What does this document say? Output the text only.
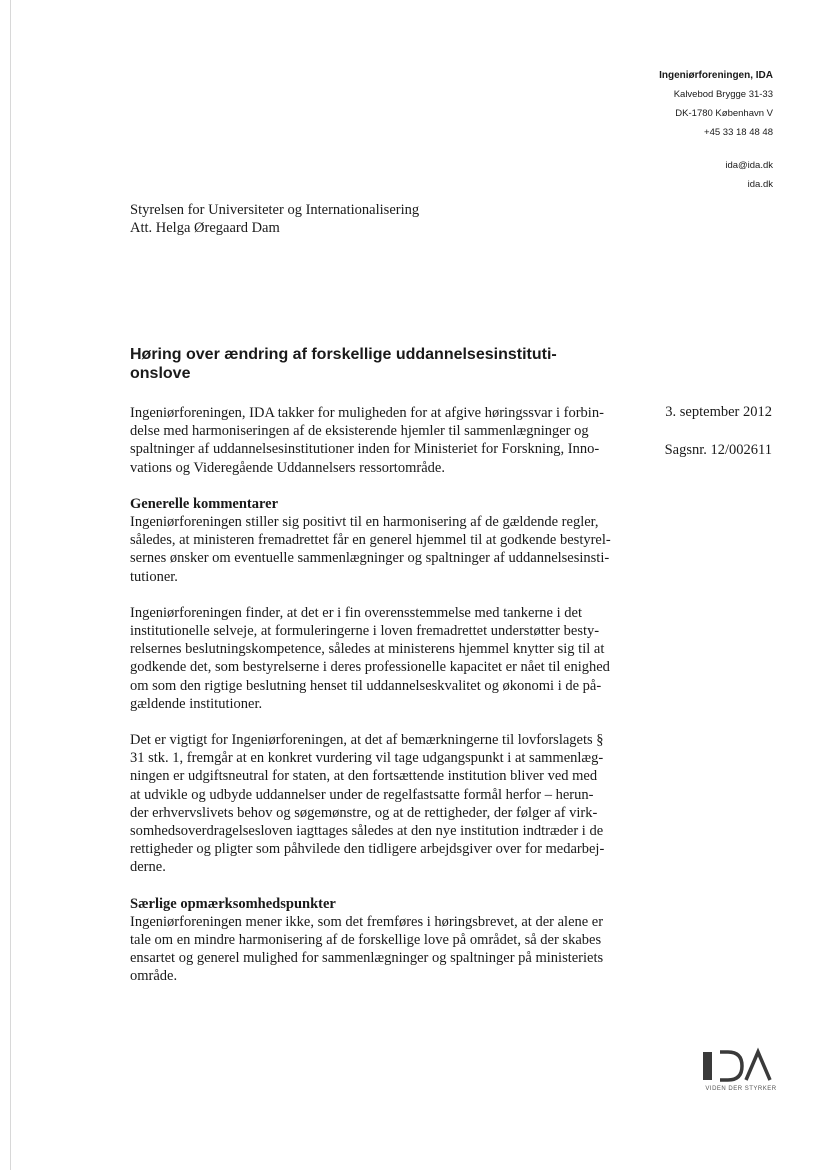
Ingeniørforeningen, IDA
Kalvebod Brygge 31-33
DK-1780 København V
+45 33 18 48 48
ida@ida.dk
ida.dk
Styrelsen for Universiteter og Internationalisering
Att. Helga Øregaard Dam
Høring over ændring af forskellige uddannelsesinstituti-
onslove
3. september 2012
Sagsnr. 12/002611

Ingeniørforeningen, IDA takker for muligheden for at afgive høringssvar i forbin-

delse med harmoniseringen af de eksisterende hjemler til sammenlægninger og

spaltninger af uddannelsesinstitutioner inden for Ministeriet for Forskning, Inno-

vations og Videregående Uddannelsers ressortområde.

Generelle kommentarer

Ingeniørforeningen stiller sig positivt til en harmonisering af de gældende regler,

således, at ministeren fremadrettet får en generel hjemmel til at godkende bestyrel-

sernes ønsker om eventuelle sammenlægninger og spaltninger af uddannelsesinsti-

tutioner.

Ingeniørforeningen finder, at det er i fin overensstemmelse med tankerne i det

institutionelle selveje, at formuleringerne i loven fremadrettet understøtter besty-

relsernes beslutningskompetence, således at ministerens hjemmel knytter sig til at

godkende det, som bestyrelserne i deres professionelle kapacitet er nået til enighed

om som den rigtige beslutning henset til uddannelseskvalitet og økonomi i de på-

gældende institutioner.

Det er vigtigt for Ingeniørforeningen, at det af bemærkningerne til lovforslagets §

31 stk. 1, fremgår at en konkret vurdering vil tage udgangspunkt i at sammenlæg-

ningen er udgiftsneutral for staten, at den fortsættende institution bliver ved med

at udvikle og udbyde uddannelser under de regelfastsatte formål herfor – herun-

der erhvervslivets behov og søgemønstre, og at de rettigheder, der følger af virk-

somhedsoverdragelsesloven iagttages således at den nye institution indtræder i de

rettigheder og pligter som påhvilede den tidligere arbejdsgiver over for medarbej-

derne.

Særlige opmærksomhedspunkter

Ingeniørforeningen mener ikke, som det fremføres i høringsbrevet, at der alene er

tale om en mindre harmonisering af de forskellige love på området, så der skabes

ensartet og generel mulighed for sammenlægninger og spaltninger på ministeriets

område.

VIDEN DER STYRKER
